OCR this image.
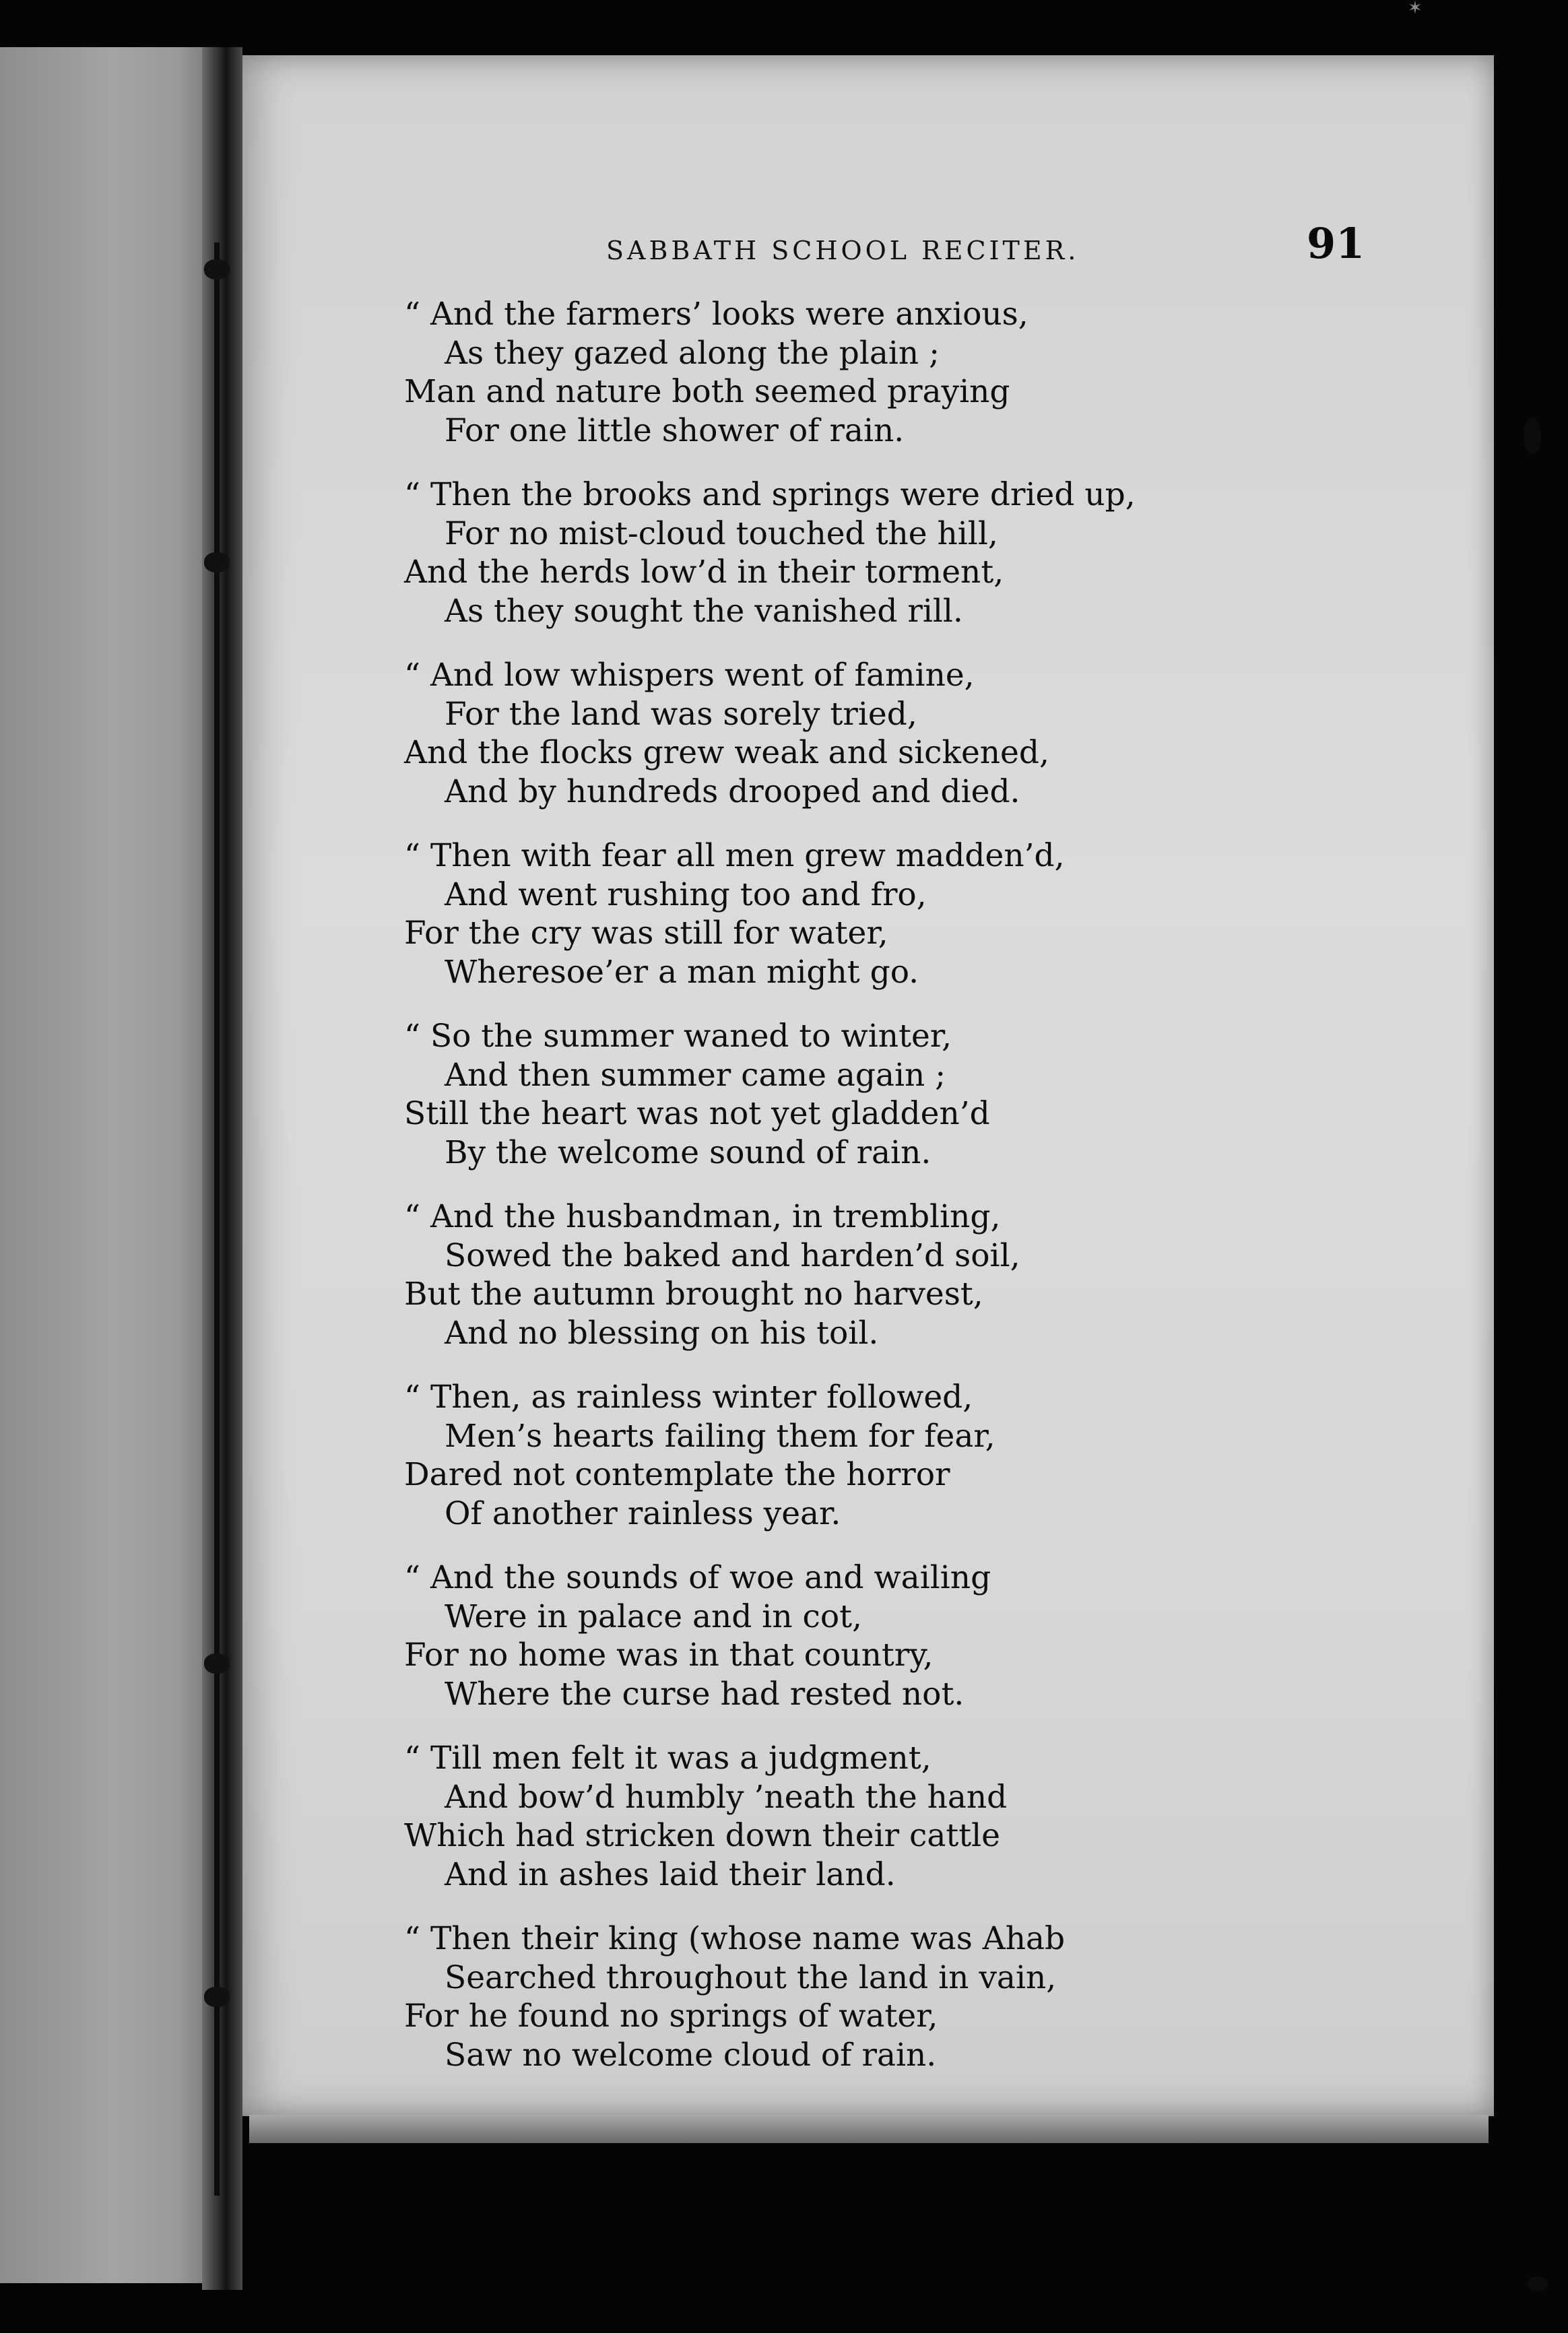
✶
SABBATH SCHOOL RECITER.	91
“ And the farmers’ looks were anxious,
As they gazed along the plain ;
Man and nature both seemed praying
For one little shower of rain.
“ Then the brooks and springs were dried up,
For no mist-cloud touched the hill,
And the herds low’d in their torment,
As they sought the vanished rill.
“ And low whispers went of famine,
For the land was sorely tried,
And the flocks grew weak and sickened,
And by hundreds drooped and died.
“ Then with fear all men grew madden’d,
And went rushing too and fro,
For the cry was still for water,
Wheresoe’er a man might go.
“ So the summer waned to winter,
And then summer came again ;
Still the heart was not yet gladden’d
By the welcome sound of rain.
“ And the husbandman, in trembling,
Sowed the baked and harden’d soil,
But the autumn brought no harvest,
And no blessing on his toil.
“ Then, as rainless winter followed,
Men’s hearts failing them for fear,
Dared not contemplate the horror
Of another rainless year.
“ And the sounds of woe and wailing
Were in palace and in cot,
For no home was in that country,
Where the curse had rested not.
“ Till men felt it was a judgment,
And bow’d humbly ’neath the hand
Which had stricken down their cattle
And in ashes laid their land.
“ Then their king (whose name was Ahab
Searched throughout the land in vain,
For he found no springs of water,
Saw no welcome cloud of rain.
